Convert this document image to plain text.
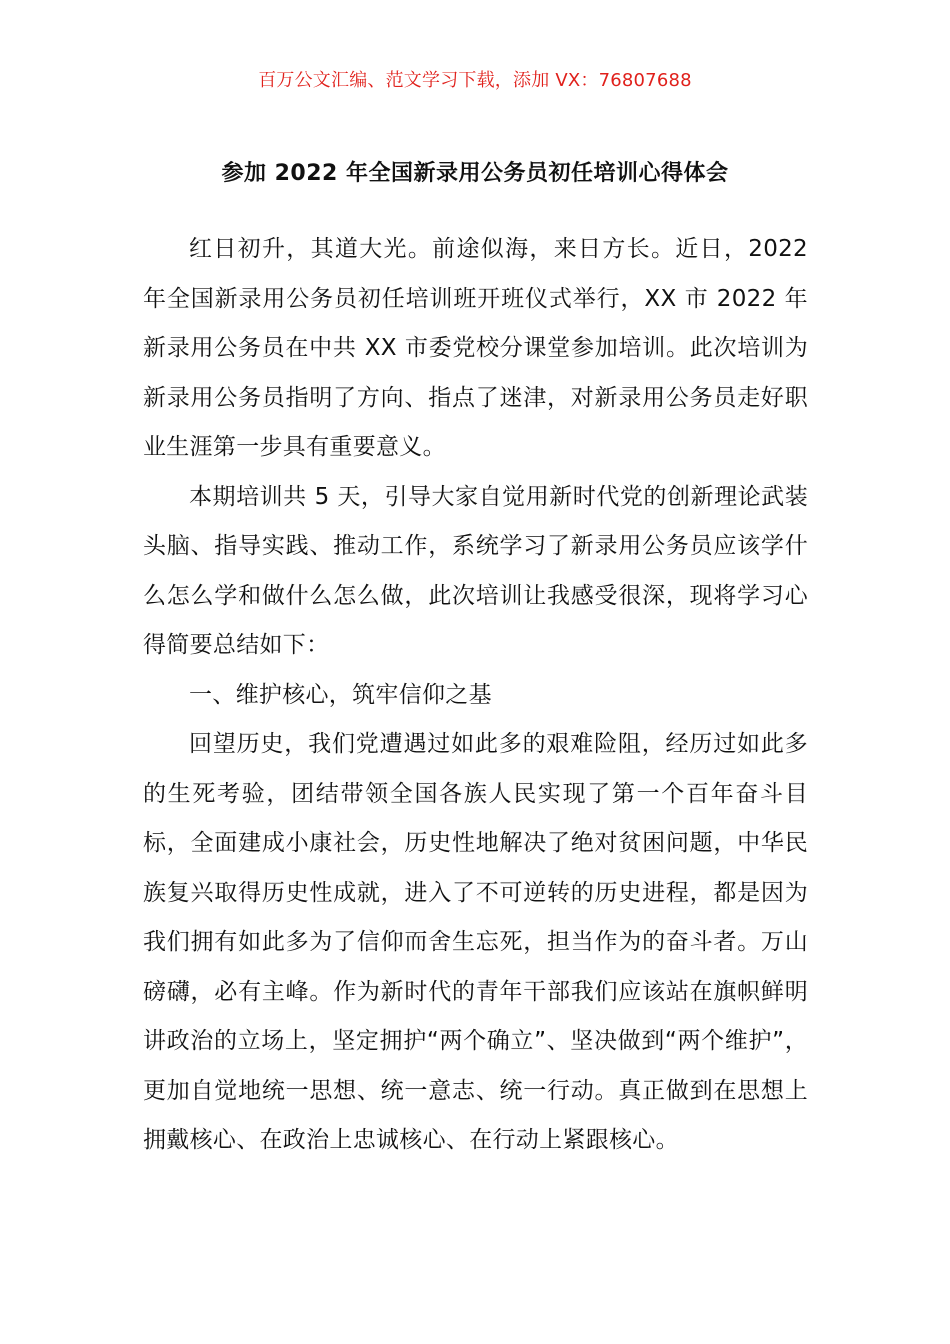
百万公文汇编、范文学习下载，添加 VX：76807688
参加 2022 年全国新录用公务员初任培训心得体会

红日初升，其道大光。前途似海，来日方长。近日，2022 年全国新录用公务员初任培训班开班仪式举行，XX 市 2022 年新录用公务员在中共 XX 市委党校分课堂参加培训。此次培训为新录用公务员指明了方向、指点了迷津，对新录用公务员走好职业生涯第一步具有重要意义。

本期培训共 5 天，引导大家自觉用新时代党的创新理论武装头脑、指导实践、推动工作，系统学习了新录用公务员应该学什么怎么学和做什么怎么做，此次培训让我感受很深，现将学习心得简要总结如下：

一、维护核心，筑牢信仰之基

回望历史，我们党遭遇过如此多的艰难险阻，经历过如此多的生死考验，团结带领全国各族人民实现了第一个百年奋斗目标，全面建成小康社会，历史性地解决了绝对贫困问题，中华民族复兴取得历史性成就，进入了不可逆转的历史进程，都是因为我们拥有如此多为了信仰而舍生忘死，担当作为的奋斗者。万山磅礴，必有主峰。作为新时代的青年干部我们应该站在旗帜鲜明讲政治的立场上，坚定拥护“两个确立”、坚决做到“两个维护”，更加自觉地统一思想、统一意志、统一行动。真正做到在思想上拥戴核心、在政治上忠诚核心、在行动上紧跟核心。
